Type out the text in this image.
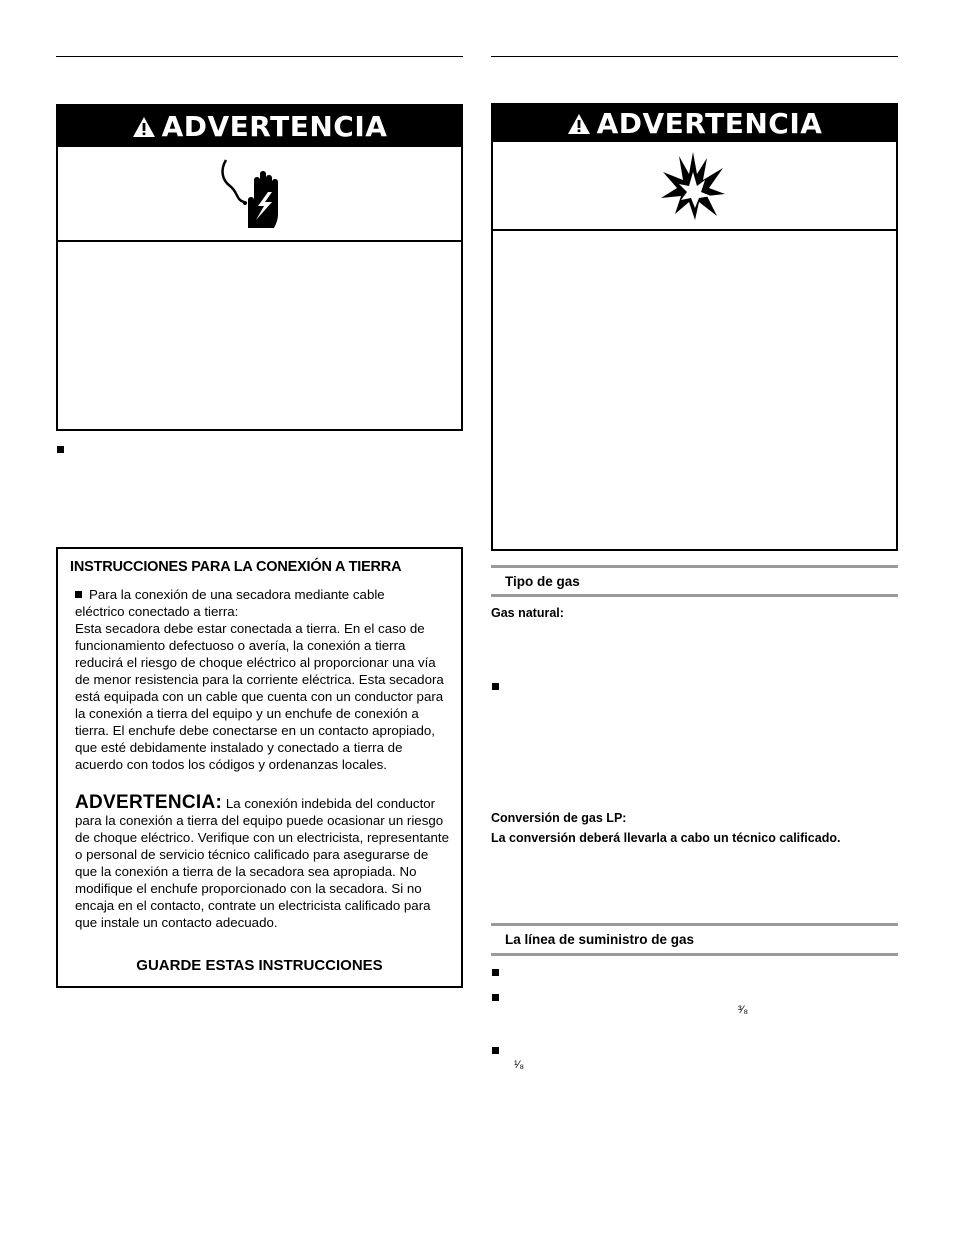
ADVERTENCIA
INSTRUCCIONES PARA LA CONEXIÓN A TIERRA
Para la conexión de una secadora mediante cable eléctrico conectado a tierra:
Esta secadora debe estar conectada a tierra. En el caso de funcionamiento defectuoso o avería, la conexión a tierra reducirá el riesgo de choque eléctrico al proporcionar una vía de menor resistencia para la corriente eléctrica. Esta secadora está equipada con un cable que cuenta con un conductor para la conexión a tierra del equipo y un enchufe de conexión a tierra. El enchufe debe conectarse en un contacto apropiado, que esté debidamente instalado y conectado a tierra de acuerdo con todos los códigos y ordenanzas locales.
ADVERTENCIA: La conexión indebida del conductor para la conexión a tierra del equipo puede ocasionar un riesgo de choque eléctrico. Verifique con un electricista, representante o personal de servicio técnico calificado para asegurarse de que la conexión a tierra de la secadora sea apropiada. No modifique el enchufe proporcionado con la secadora. Si no encaja en el contacto, contrate un electricista calificado para que instale un contacto adecuado.
GUARDE ESTAS INSTRUCCIONES
ADVERTENCIA
Tipo de gas
Gas natural:
Conversión de gas LP:
La conversión deberá llevarla a cabo un técnico calificado.
La línea de suministro de gas
³⁄₈
¹⁄₈
